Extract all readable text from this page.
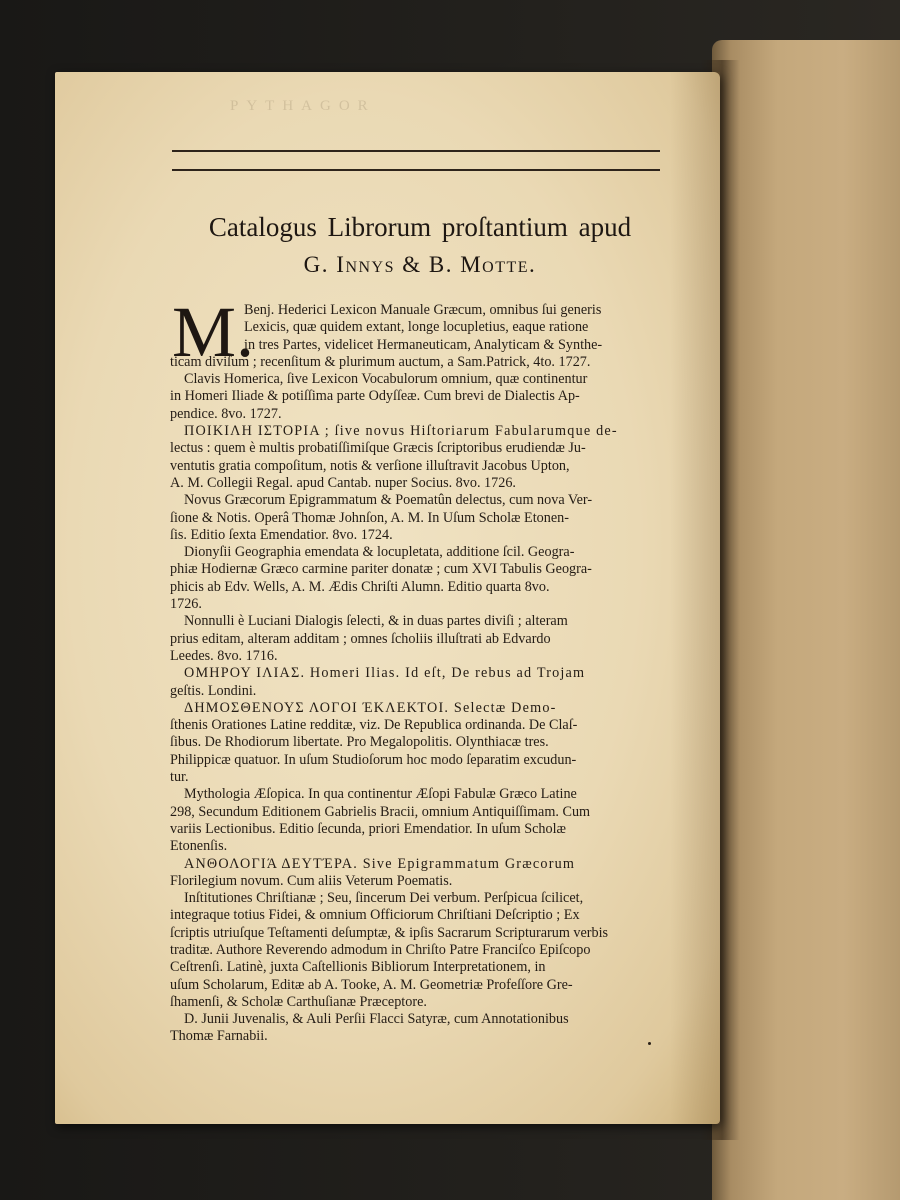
PYTHAGOR
Catalogus Librorum proſtantium apud
G. Innys & B. Motte.
M.
Benj. Hederici Lexicon Manuale Græcum, omnibus ſui generis
Lexicis, quæ quidem extant, longe locupletius, eaque ratione
in tres Partes, videlicet Hermaneuticam, Analyticam & Synthe-
ticam diviſum ; recenſitum & plurimum auctum, a Sam.Patrick, 4to. 1727.
Clavis Homerica, ſive Lexicon Vocabulorum omnium, quæ continentur
in Homeri Iliade & potiſſima parte Odyſſeæ. Cum brevi de Dialectis Ap-
pendice. 8vo. 1727.
ΠΟΙΚΙΛΗ ΙΣΤΟΡΙΑ ; ſive novus Hiſtoriarum Fabularumque de-
lectus : quem è multis probatiſſimiſque Græcis ſcriptoribus erudiendæ Ju-
ventutis gratia compoſitum, notis & verſione illuſtravit Jacobus Upton,
A. M. Collegii Regal. apud Cantab. nuper Socius. 8vo. 1726.
Novus Græcorum Epigrammatum & Poematûn delectus, cum nova Ver-
ſione & Notis. Operâ Thomæ Johnſon, A. M. In Uſum Scholæ Etonen-
ſis. Editio ſexta Emendatior. 8vo. 1724.
Dionyſii Geographia emendata & locupletata, additione ſcil. Geogra-
phiæ Hodiernæ Græco carmine pariter donatæ ; cum XVI Tabulis Geogra-
phicis ab Edv. Wells, A. M. Ædis Chriſti Alumn. Editio quarta 8vo.
1726.
Nonnulli è Luciani Dialogis ſelecti, & in duas partes diviſi ; alteram
prius editam, alteram additam ; omnes ſcholiis illuſtrati ab Edvardo
Leedes. 8vo. 1716.
ΟΜΗΡΟΥ ΙΛΙΑΣ. Homeri Ilias. Id eſt, De rebus ad Trojam
geſtis. Londini.
ΔΗΜΟΣΘΕΝΟΥΣ ΛΟΓΟΙ ΈΚΛΕΚΤΟΙ. Selectæ Demo-
ſthenis Orationes Latine redditæ, viz. De Republica ordinanda. De Claſ-
ſibus. De Rhodiorum libertate. Pro Megalopolitis. Olynthiacæ tres.
Philippicæ quatuor. In uſum Studioſorum hoc modo ſeparatim excudun-
tur.
Mythologia Æſopica. In qua continentur Æſopi Fabulæ Græco Latine
298, Secundum Editionem Gabrielis Bracii, omnium Antiquiſſimam. Cum
variis Lectionibus. Editio ſecunda, priori Emendatior. In uſum Scholæ
Etonenſis.
ΑΝΘΟΛΟΓΙΆ ΔΕΥΤΈΡΑ. Sive Epigrammatum Græcorum
Florilegium novum. Cum aliis Veterum Poematis.
Inſtitutiones Chriſtianæ ; Seu, ſincerum Dei verbum. Perſpicua ſcilicet,
integraque totius Fidei, & omnium Officiorum Chriſtiani Deſcriptio ; Ex
ſcriptis utriuſque Teſtamenti deſumptæ, & ipſis Sacrarum Scripturarum verbis
traditæ. Authore Reverendo admodum in Chriſto Patre Franciſco Epiſcopo
Ceſtrenſi. Latinè, juxta Caſtellionis Bibliorum Interpretationem, in
uſum Scholarum, Editæ ab A. Tooke, A. M. Geometriæ Profeſſore Gre-
ſhamenſi, & Scholæ Carthuſianæ Præceptore.
D. Junii Juvenalis, & Auli Perſii Flacci Satyræ, cum Annotationibus
Thomæ Farnabii.
